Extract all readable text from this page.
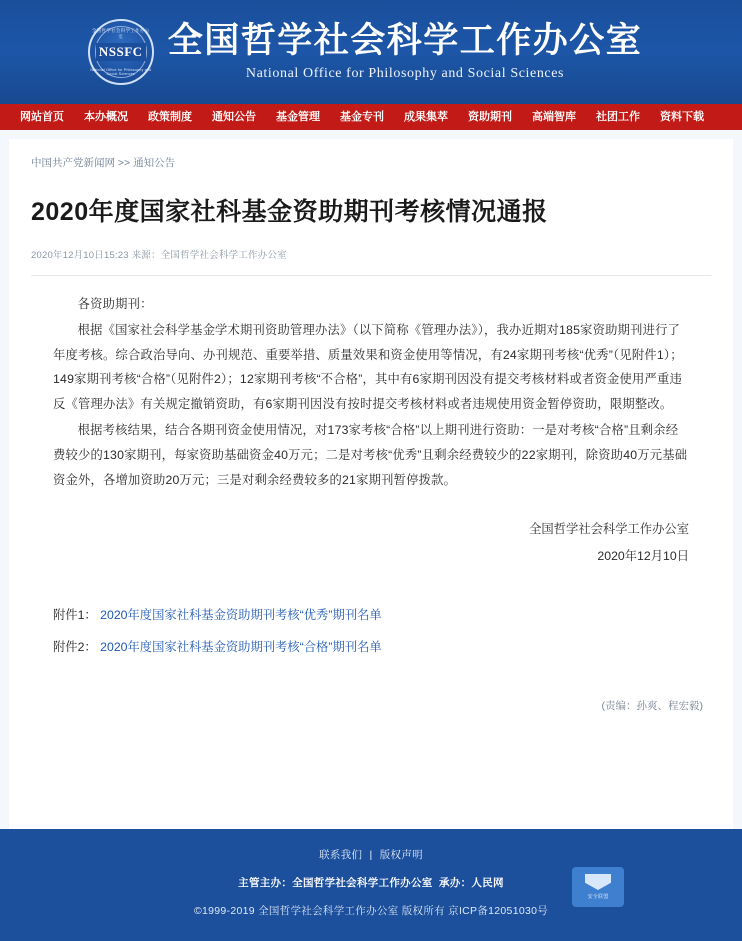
全国哲学社会科学工作办公室
NSSFC
National Office for Philosophy and Social Sciences
全国哲学社会科学工作办公室
National Office for Philosophy and Social Sciences
网站首页	本办概况	政策制度	通知公告	基金管理	基金专刊	成果集萃	资助期刊	高端智库	社团工作	资料下载
中国共产党新闻网 >> 通知公告
2020年度国家社科基金资助期刊考核情况通报
2020年12月10日15:23 来源：全国哲学社会科学工作办公室

各资助期刊：

根据《国家社会科学基金学术期刊资助管理办法》（以下简称《管理办法》），我办近期对185家资助期刊进行了年度考核。综合政治导向、办刊规范、重要举措、质量效果和资金使用等情况，有24家期刊考核“优秀”（见附件1）；149家期刊考核“合格”（见附件2）；12家期刊考核“不合格”，其中有6家期刊因没有提交考核材料或者资金使用严重违反《管理办法》有关规定撤销资助，有6家期刊因没有按时提交考核材料或者违规使用资金暂停资助，限期整改。

根据考核结果，结合各期刊资金使用情况，对173家考核“合格”以上期刊进行资助：一是对考核“合格”且剩余经费较少的130家期刊，每家资助基础资金40万元；二是对考核“优秀”且剩余经费较少的22家期刊，除资助40万元基础资金外，各增加资助20万元；三是对剩余经费较多的21家期刊暂停拨款。

全国哲学社会科学工作办公室
2020年12月10日
附件1： 2020年度国家社科基金资助期刊考核“优秀”期刊名单
附件2： 2020年度国家社科基金资助期刊考核“合格”期刊名单
(责编：孙爽、程宏毅)
联系我们 | 版权声明
主管主办：全国哲学社会科学工作办公室 承办：人民网
©1999-2019 全国哲学社会科学工作办公室 版权所有 京ICP备12051030号
安全联盟
